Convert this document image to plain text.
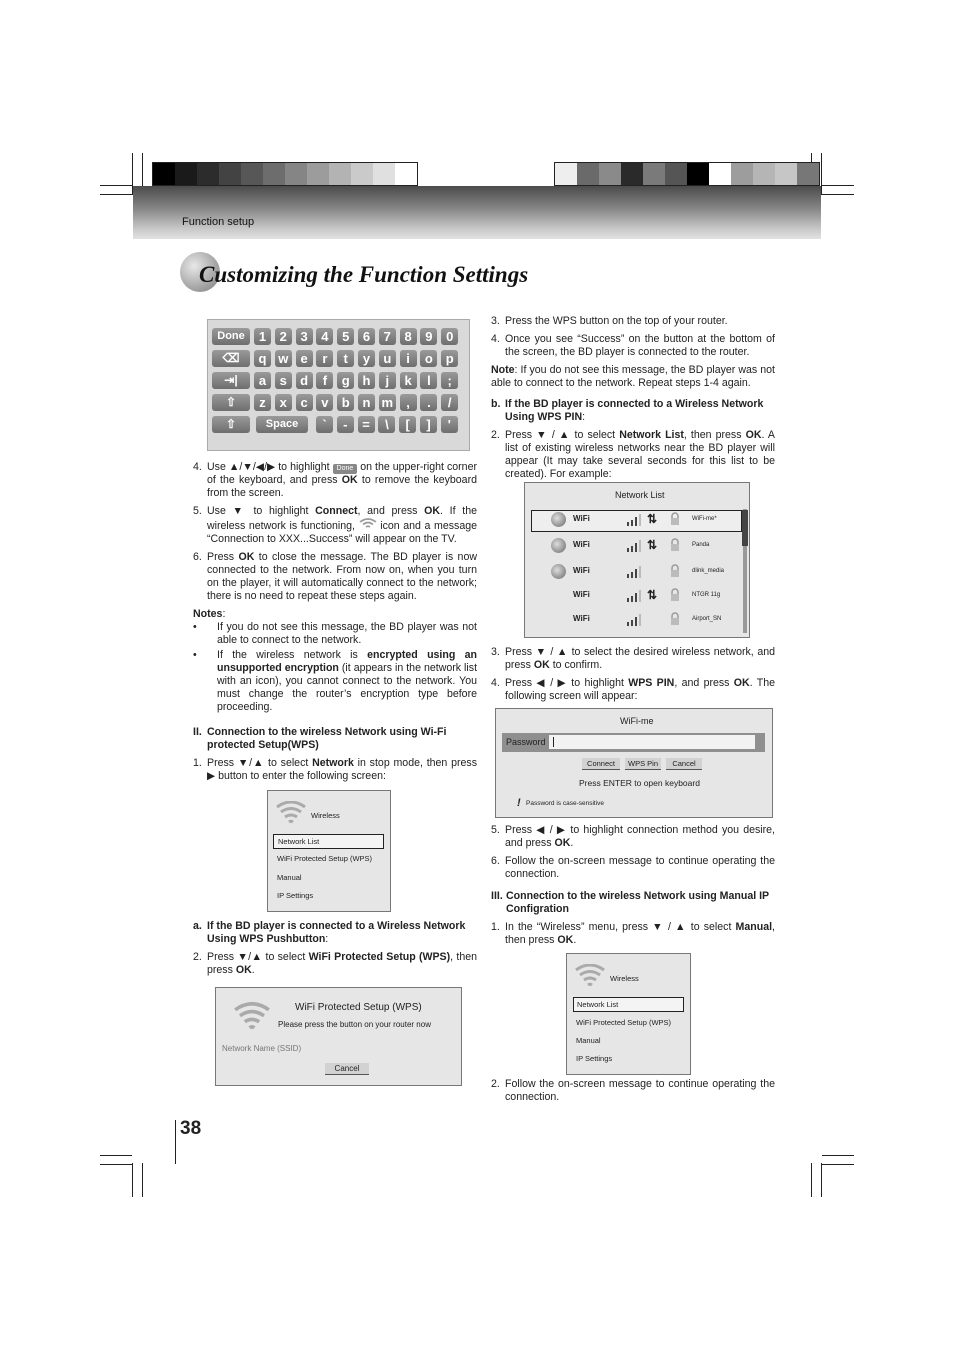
Function setup
Customizing the Function Settings
Done
⌫
⇥|
⇧
⇧
1	2	3	4	5	6	7	8	9	0
q w e	r	t	y	u	i	o p
a	s	d	f	g h	j	k	l	;
z	x	c	v	b n m	,	.	/
Space	`	-	=	\	[	]	'
4. Use ▲/▼/◀/▶ to highlight Done on the upper-right corner of the keyboard, and press OK to remove the keyboard from the screen.
5. Use ▼ to highlight Connect, and press OK. If the wireless network is functioning,  icon and a message “Connection to XXX...Success” will appear on the TV.
6. Press OK to close the message. The BD player is now connected to the network. From now on, when you turn on the player, it will automatically connect to the network; there is no need to repeat these steps again.
Notes:
• If you do not see this message, the BD player was not able to connect to the network.
• If the wireless network is encrypted using an unsupported encryption (it appears in the network list with an icon), you cannot connect to the network. You must change the router’s encryption type before proceeding.
II. Connection to the wireless Network using Wi-Fi protected Setup(WPS)
1. Press ▼/▲ to select Network in stop mode, then press ▶ button to enter the following screen:
Wireless
Network List
WiFi Protected Setup (WPS)
Manual
IP Settings
a. If the BD player is connected to a Wireless Network Using WPS Pushbutton:
2. Press ▼/▲ to select WiFi Protected Setup (WPS), then press OK.
WiFi Protected Setup (WPS)
Please press the button on your router now
Network Name (SSID)
Cancel
3. Press the WPS button on the top of your router.
4. Once you see “Success” on the button at the bottom of the screen, the BD player is connected to the router.
Note: If you do not see this message, the BD player was not able to connect to the network. Repeat steps 1-4 again.
b. If the BD player is connected to a Wireless Network Using WPS PIN:
2. Press ▼ / ▲ to select Network List, then press OK. A list of existing wireless networks near the BD player will appear (It may take several seconds for this list to be created). For example:
Network List
WiFi	⇅	WiFi-me*
WiFi	⇅	Panda
WiFi	dlink_media
WiFi	⇅	NTGR 11g
WiFi	Airport_SN
3. Press ▼ / ▲ to select the desired wireless network, and press OK to confirm.
4. Press ◀ / ▶ to highlight WPS PIN, and press OK. The following screen will appear:
WiFi-me
Password
Connect	WPS Pin	Cancel
Press ENTER to open keyboard
! Password is case-sensitive
5. Press ◀ / ▶ to highlight connection method you desire, and press OK.
6. Follow the on-screen message to continue operating the connection.
III. Connection to the wireless Network using Manual IP Configration
1. In the “Wireless” menu, press ▼ / ▲ to select Manual, then press OK.
Wireless
Network List
WiFi Protected Setup (WPS)
Manual
IP Settings
2. Follow the on-screen message to continue operating the connection.
38
